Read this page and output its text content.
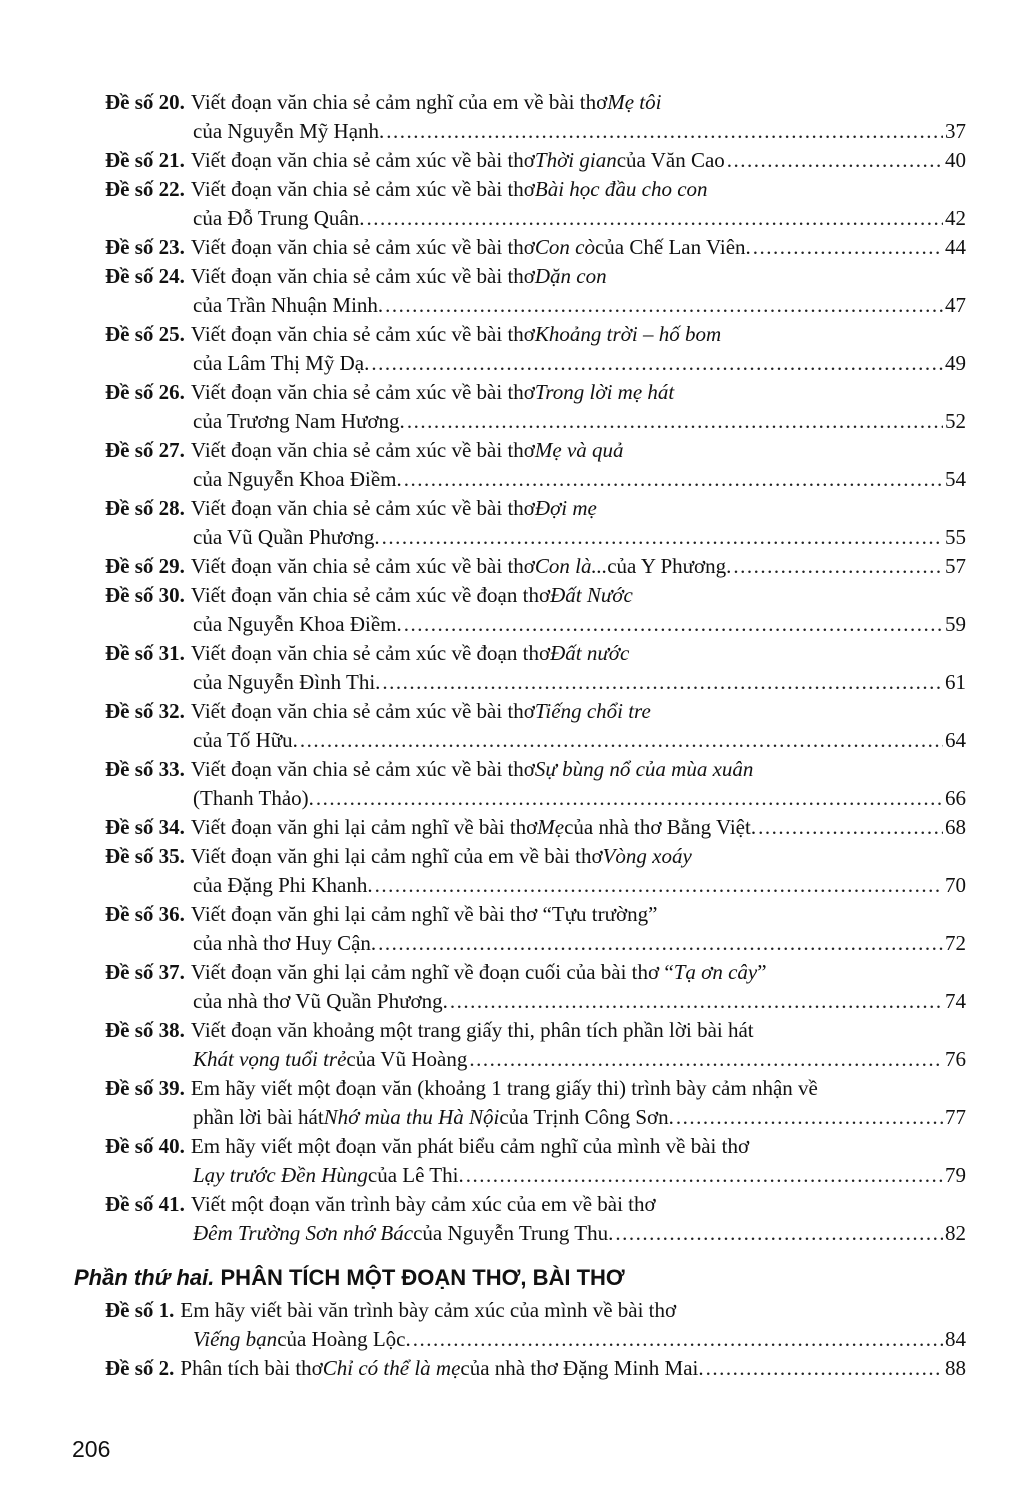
Đề số 20. Viết đoạn văn chia sẻ cảm nghĩ của em về bài thơ Mẹ tôi
của Nguyễn Mỹ Hạnh. .....	37
Đề số 21. Viết đoạn văn chia sẻ cảm xúc về bài thơ Thời gian của Văn Cao .....	40
Đề số 22. Viết đoạn văn chia sẻ cảm xúc về bài thơ Bài học đầu cho con
của Đỗ Trung Quân. .....	42
Đề số 23. Viết đoạn văn chia sẻ cảm xúc về bài thơ Con cò của Chế Lan Viên. .....	44
Đề số 24. Viết đoạn văn chia sẻ cảm xúc về bài thơ Dặn con
của Trần Nhuận Minh. .....	47
Đề số 25. Viết đoạn văn chia sẻ cảm xúc về bài thơ Khoảng trời – hố bom
của Lâm Thị Mỹ Dạ. .....	49
Đề số 26. Viết đoạn văn chia sẻ cảm xúc về bài thơ Trong lời mẹ hát
của Trương Nam Hương. .....	52
Đề số 27. Viết đoạn văn chia sẻ cảm xúc về bài thơ Mẹ và quả
của Nguyễn Khoa Điềm. .....	54
Đề số 28. Viết đoạn văn chia sẻ cảm xúc về bài thơ Đợi mẹ
của Vũ Quần Phương. .....	55
Đề số 29. Viết đoạn văn chia sẻ cảm xúc về bài thơ Con là... của Y Phương. .....	57
Đề số 30. Viết đoạn văn chia sẻ cảm xúc về đoạn thơ Đất Nước
của Nguyễn Khoa Điềm. .....	59
Đề số 31. Viết đoạn văn chia sẻ cảm xúc về đoạn thơ Đất nước
của Nguyễn Đình Thi. .....	61
Đề số 32. Viết đoạn văn chia sẻ cảm xúc về bài thơ Tiếng chổi tre
của Tố Hữu. .....	64
Đề số 33. Viết đoạn văn chia sẻ cảm xúc về bài thơ Sự bùng nổ của mùa xuân
(Thanh Thảo). .....	66
Đề số 34. Viết đoạn văn ghi lại cảm nghĩ về bài thơ Mẹ của nhà thơ Bằng Việt. .....	68
Đề số 35. Viết đoạn văn ghi lại cảm nghĩ của em về bài thơ Vòng xoáy
của Đặng Phi Khanh. .....	70
Đề số 36. Viết đoạn văn ghi lại cảm nghĩ về bài thơ “Tựu trường”
của nhà thơ Huy Cận. .....	72
Đề số 37. Viết đoạn văn ghi lại cảm nghĩ về đoạn cuối của bài thơ “ Tạ ơn cây ”
của nhà thơ Vũ Quần Phương. .....	74
Đề số 38. Viết đoạn văn khoảng một trang giấy thi, phân tích phần lời bài hát
Khát vọng tuổi trẻ của Vũ Hoàng .....	76
Đề số 39. Em hãy viết một đoạn văn (khoảng 1 trang giấy thi) trình bày cảm nhận về
phần lời bài hát Nhớ mùa thu Hà Nội của Trịnh Công Sơn. .....	77
Đề số 40. Em hãy viết một đoạn văn phát biểu cảm nghĩ của mình về bài thơ
Lạy trước Đền Hùng của Lê Thi. .....	79
Đề số 41. Viết một đoạn văn trình bày cảm xúc của em về bài thơ
Đêm Trường Sơn nhớ Bác của Nguyễn Trung Thu. .....	82
Phần thứ hai. PHÂN TÍCH MỘT ĐOẠN THƠ, BÀI THƠ
Đề số 1. Em hãy viết bài văn trình bày cảm xúc của mình về bài thơ
Viếng bạn của Hoàng Lộc. .....	84
Đề số 2. Phân tích bài thơ Chỉ có thể là mẹ của nhà thơ Đặng Minh Mai. .....	88
206
